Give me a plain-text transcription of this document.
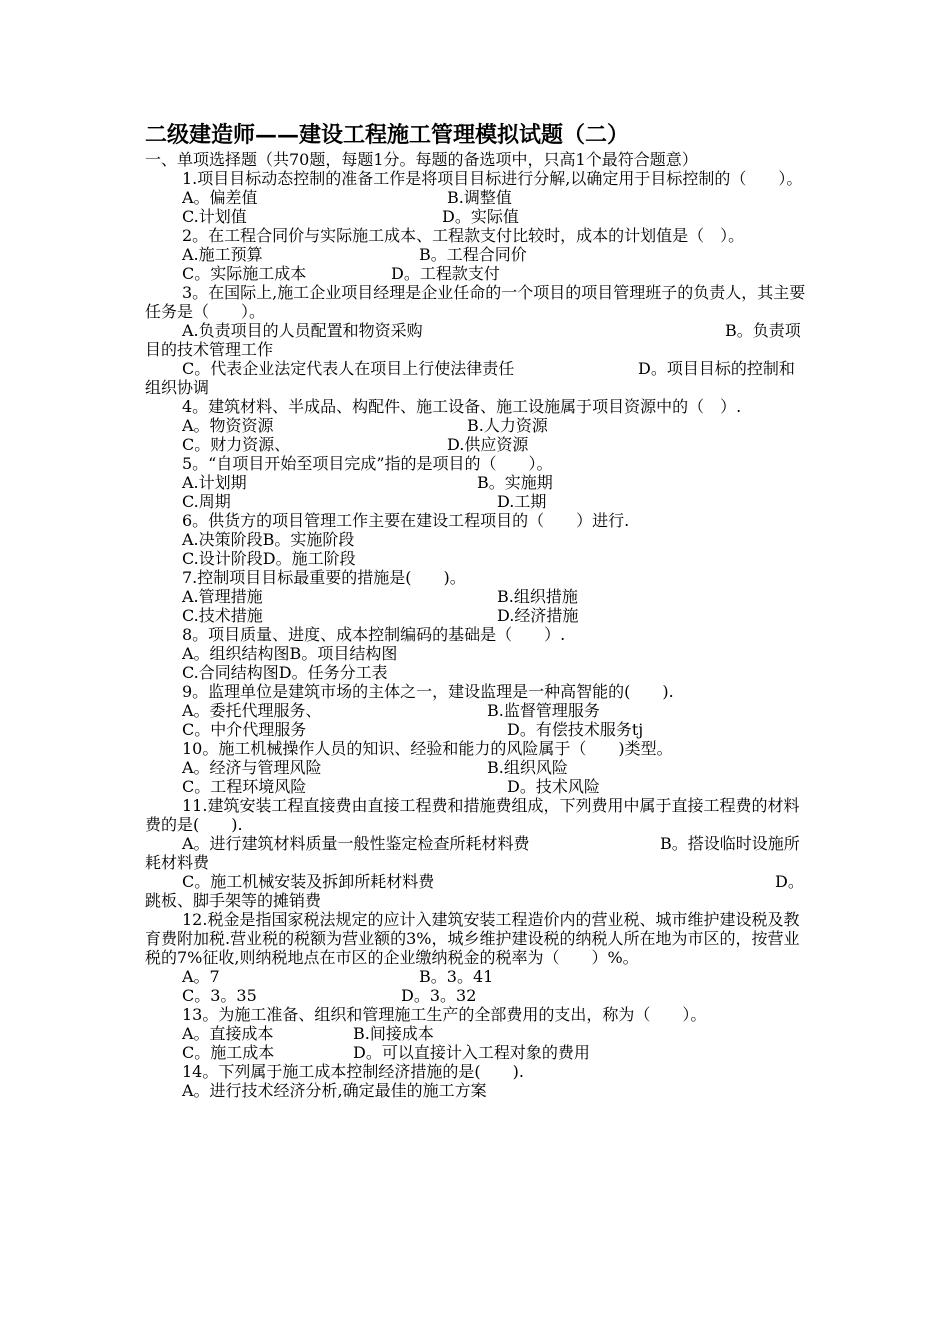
二级建造师——建设工程施工管理模拟试题（二）
一、单项选择题（共70题，每题1分。每题的备选项中，只高1个最符合题意）
1.项目目标动态控制的准备工作是将项目目标进行分解,以确定用于目标控制的（　　）。
A。偏差值	B.调整值
C.计划值	D。实际值
2。在工程合同价与实际施工成本、工程款支付比较时，成本的计划值是（　）。
A.施工预算	B。工程合同价
C。实际施工成本	D。工程款支付
3。在国际上,施工企业项目经理是企业任命的一个项目的项目管理班子的负责人，其主要任务是（　　）。
A.负责项目的人员配置和物资采购	B。负责项目的技术管理工作
C。代表企业法定代表人在项目上行使法律责任	D。项目目标的控制和组织协调
4。建筑材料、半成品、构配件、施工设备、施工设施属于项目资源中的（　）.
A。物资资源	B.人力资源
C。财力资源、	D.供应资源
5。“自项目开始至项目完成”指的是项目的（　　）。
A.计划期	B。实施期
C.周期	D.工期
6。供货方的项目管理工作主要在建设工程项目的（　　）进行.
A.决策阶段B。实施阶段
C.设计阶段D。施工阶段
7.控制项目目标最重要的措施是(　　)。
A.管理措施	B.组织措施
C.技术措施	D.经济措施
8。项目质量、进度、成本控制编码的基础是（　　）.
A。组织结构图B。项目结构图
C.合同结构图D。任务分工表
9。监理单位是建筑市场的主体之一，建设监理是一种高智能的(　　).
A。委托代理服务、	B.监督管理服务
C。中介代理服务	D。有偿技术服务tj
10。施工机械操作人员的知识、经验和能力的风险属于（　　)类型。
A。经济与管理风险	B.组织风险
C。工程环境风险	D。技术风险
11.建筑安装工程直接费由直接工程费和措施费组成，下列费用中属于直接工程费的材料费的是(　　).
A。进行建筑材料质量一般性鉴定检查所耗材料费	B。搭设临时设施所耗材料费
C。施工机械安装及拆卸所耗材料费	D。跳板、脚手架等的摊销费
12.税金是指国家税法规定的应计入建筑安装工程造价内的营业税、城市维护建设税及教育费附加税.营业税的税额为营业额的3%，城乡维护建设税的纳税人所在地为市区的，按营业税的7%征收,则纳税地点在市区的企业缴纳税金的税率为（　　）%。
A。7	B。3。41
C。3。35	D。3。32
13。为施工准备、组织和管理施工生产的全部费用的支出，称为（　　）。
A。直接成本	B.间接成本
C。施工成本	D。可以直接计入工程对象的费用
14。下列属于施工成本控制经济措施的是(　　).
A。进行技术经济分析,确定最佳的施工方案
